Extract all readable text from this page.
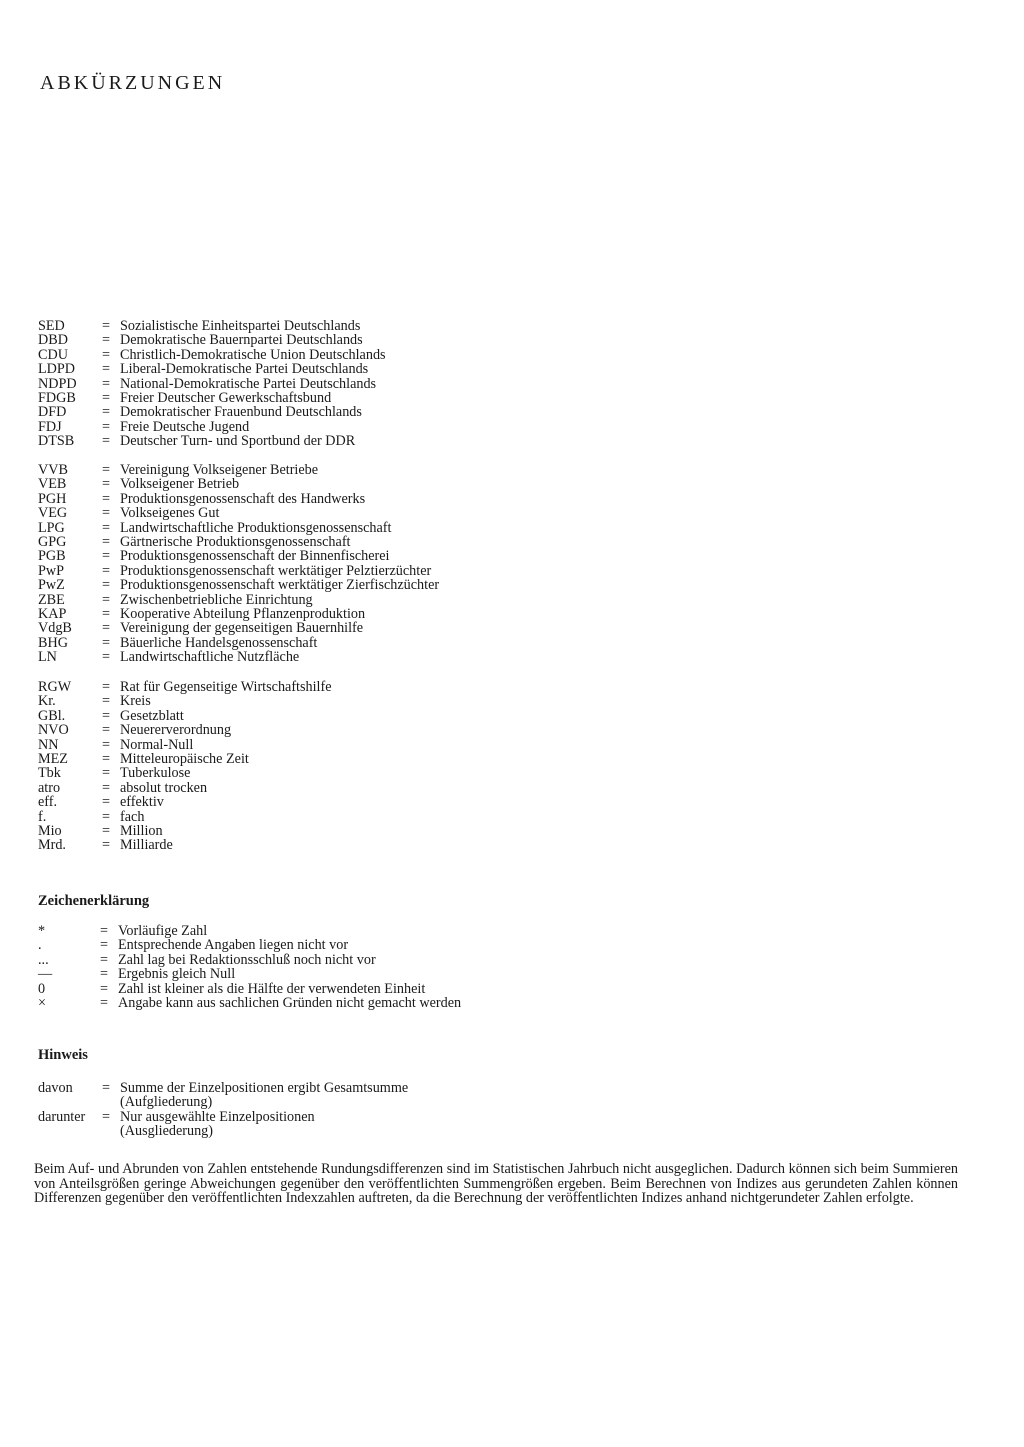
ABKÜRZUNGEN
SED	= Sozialistische Einheitspartei Deutschlands
DBD	= Demokratische Bauernpartei Deutschlands
CDU	= Christlich-Demokratische Union Deutschlands
LDPD	= Liberal-Demokratische Partei Deutschlands
NDPD	= National-Demokratische Partei Deutschlands
FDGB	= Freier Deutscher Gewerkschaftsbund
DFD	= Demokratischer Frauenbund Deutschlands
FDJ	= Freie Deutsche Jugend
DTSB	= Deutscher Turn- und Sportbund der DDR
VVB	= Vereinigung Volkseigener Betriebe
VEB	= Volkseigener Betrieb
PGH	= Produktionsgenossenschaft des Handwerks
VEG	= Volkseigenes Gut
LPG	= Landwirtschaftliche Produktionsgenossenschaft
GPG	= Gärtnerische Produktionsgenossenschaft
PGB	= Produktionsgenossenschaft der Binnenfischerei
PwP	= Produktionsgenossenschaft werktätiger Pelztierzüchter
PwZ	= Produktionsgenossenschaft werktätiger Zierfischzüchter
ZBE	= Zwischenbetriebliche Einrichtung
KAP	= Kooperative Abteilung Pflanzenproduktion
VdgB	= Vereinigung der gegenseitigen Bauernhilfe
BHG	= Bäuerliche Handelsgenossenschaft
LN	= Landwirtschaftliche Nutzfläche
RGW	= Rat für Gegenseitige Wirtschaftshilfe
Kr.	= Kreis
GBl.	= Gesetzblatt
NVO	= Neuererverordnung
NN	= Normal-Null
MEZ	= Mitteleuropäische Zeit
Tbk	= Tuberkulose
atro	= absolut trocken
eff.	= effektiv
f.	= fach
Mio	= Million
Mrd.	= Milliarde
Zeichenerklärung
*	= Vorläufige Zahl
.	= Entsprechende Angaben liegen nicht vor
...	= Zahl lag bei Redaktionsschluß noch nicht vor
—	= Ergebnis gleich Null
0	= Zahl ist kleiner als die Hälfte der verwendeten Einheit
×	= Angabe kann aus sachlichen Gründen nicht gemacht werden
Hinweis
davon	= Summe der Einzelpositionen ergibt Gesamtsumme
(Aufgliederung)
darunter	= Nur ausgewählte Einzelpositionen
(Ausgliederung)

Beim Auf- und Abrunden von Zahlen entstehende Rundungsdifferenzen sind im Statistischen Jahrbuch nicht ausgeglichen. Dadurch können sich beim Summieren von Anteilsgrößen geringe Abweichungen gegenüber den veröffentlichten Summengrößen ergeben. Beim Berechnen von Indizes aus gerundeten Zahlen können Differenzen gegenüber den veröffentlichten Indexzahlen auftreten, da die Berechnung der veröffentlichten Indizes anhand nichtgerundeter Zahlen erfolgte.
